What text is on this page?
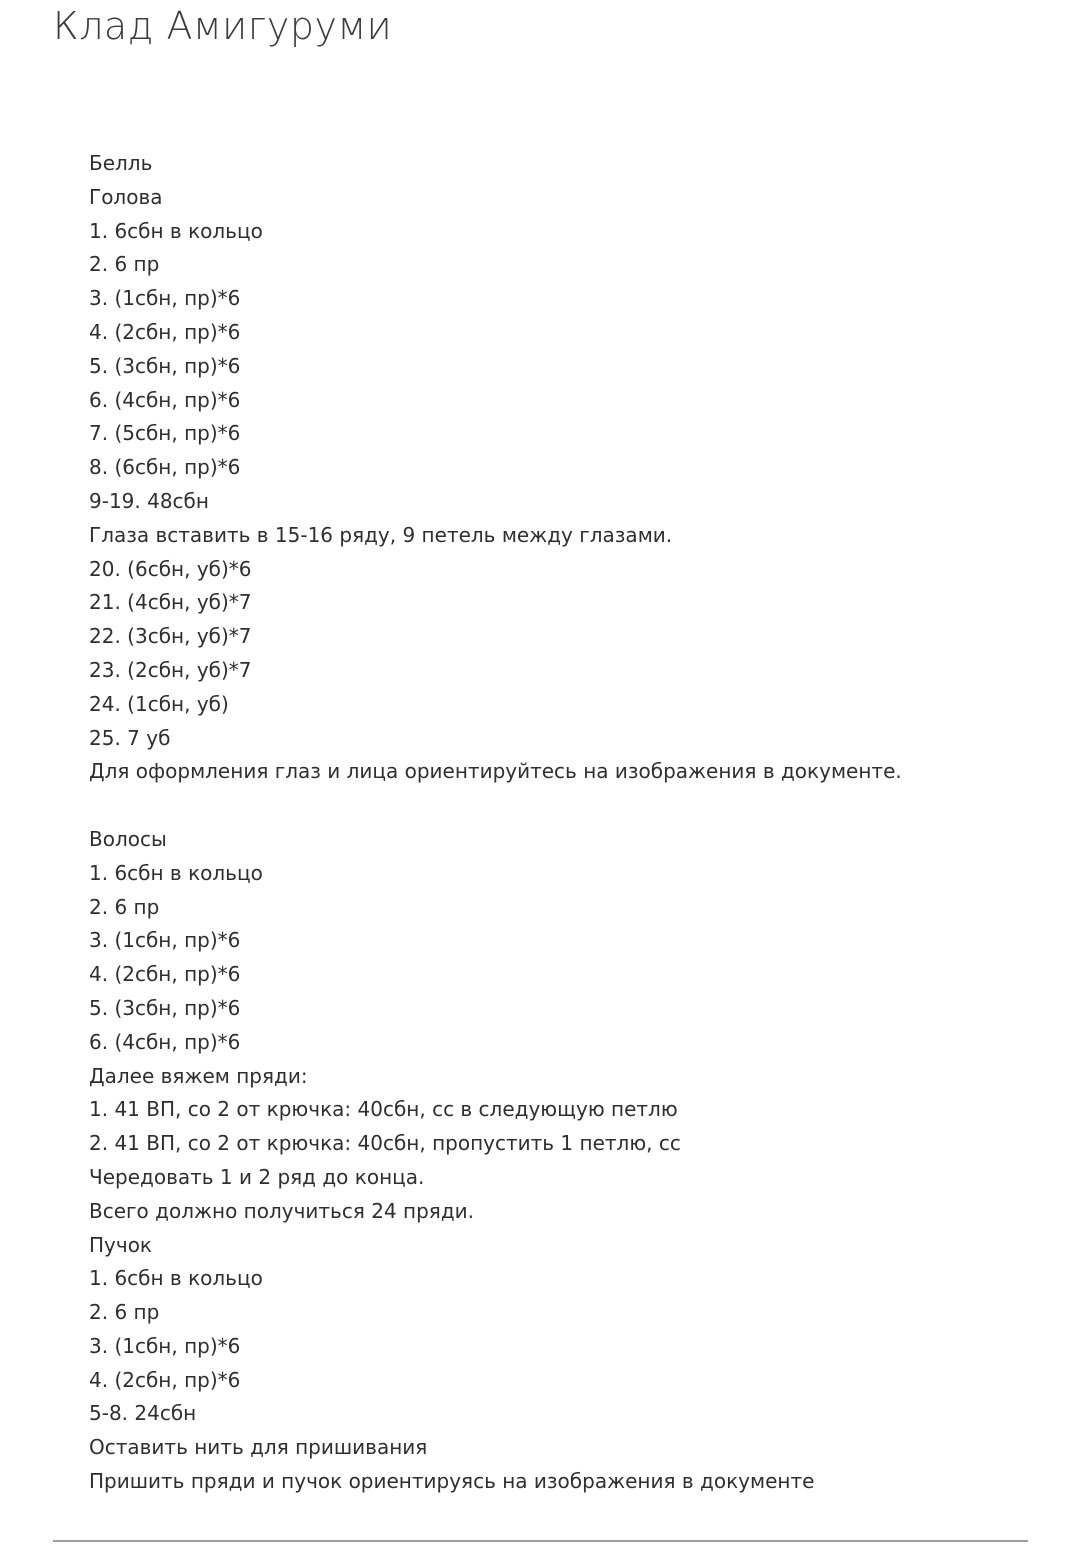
Клад Амигуруми
Белль
Голова
1. 6сбн в кольцо
2. 6 пр
3. (1сбн, пр)*6
4. (2сбн, пр)*6
5. (3сбн, пр)*6
6. (4сбн, пр)*6
7. (5сбн, пр)*6
8. (6сбн, пр)*6
9-19. 48сбн
Глаза вставить в 15-16 ряду, 9 петель между глазами.
20. (6сбн, уб)*6
21. (4сбн, уб)*7
22. (3сбн, уб)*7
23. (2сбн, уб)*7
24. (1сбн, уб)
25. 7 уб
Для оформления глаз и лица ориентируйтесь на изображения в документе.
Волосы
1. 6сбн в кольцо
2. 6 пр
3. (1сбн, пр)*6
4. (2сбн, пр)*6
5. (3сбн, пр)*6
6. (4сбн, пр)*6
Далее вяжем пряди:
1. 41 ВП, со 2 от крючка: 40сбн, сс в следующую петлю
2. 41 ВП, со 2 от крючка: 40сбн, пропустить 1 петлю, сс
Чередовать 1 и 2 ряд до конца.
Всего должно получиться 24 пряди.
Пучок
1. 6сбн в кольцо
2. 6 пр
3. (1сбн, пр)*6
4. (2сбн, пр)*6
5-8. 24сбн
Оставить нить для пришивания
Пришить пряди и пучок ориентируясь на изображения в документе
